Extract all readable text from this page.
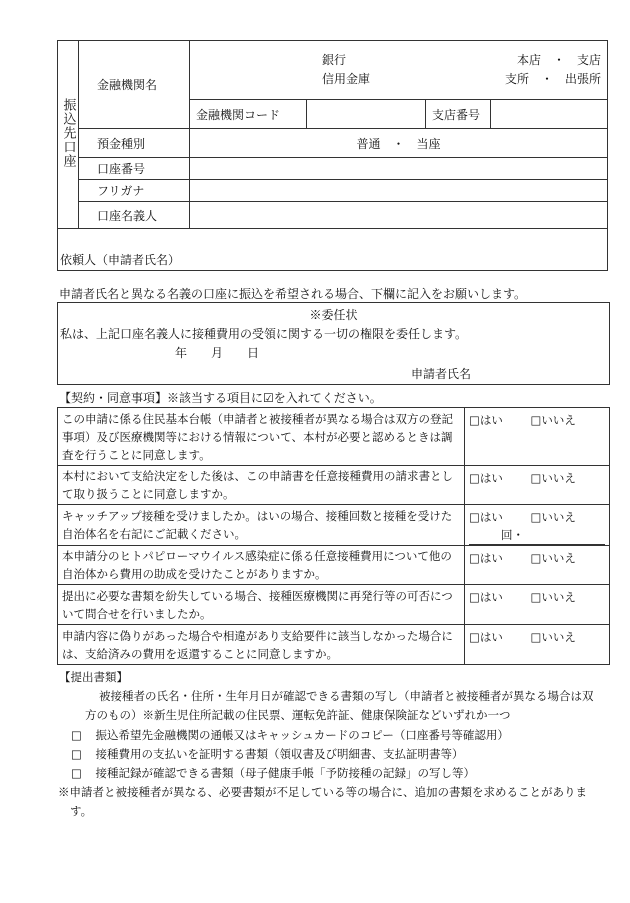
振込先口座	金融機関名	銀行
信用金庫
本店　・　支店
支所　・　出張所			

		金融機関コード		支店番号	
	預金種別	普通　・　当座			
	口座番号				
	フリガナ				
	口座名義人				
依頼人（申請者氏名）					
申請者氏名と異なる名義の口座に振込を希望される場合、下欄に記入をお願いします。
※委任状
私は、上記口座名義人に接種費用の受領に関する一切の権限を委任します。
年　　月　　日
申請者氏名
【契約・同意事項】※該当する項目に☑を入れてください。
この申請に係る住民基本台帳（申請者と被接種者が異なる場合は双方の登記事項）及び医療機関等における情報について、本村が必要と認めるときは調査を行うことに同意します。	□はい □いいえ
本村において支給決定をした後は、この申請書を任意接種費用の請求書として取り扱うことに同意しますか。	□はい □いいえ
キャッチアップ接種を受けましたか。はいの場合、接種回数と接種を受けた自治体名を右記にご記載ください。	□はい □いいえ
回・

本申請分のヒトパピローマウイルス感染症に係る任意接種費用について他の自治体から費用の助成を受けたことがありますか。	□はい □いいえ
提出に必要な書類を紛失している場合、接種医療機関に再発行等の可否について問合せを行いましたか。	□はい □いいえ
申請内容に偽りがあった場合や相違があり支給要件に該当しなかった場合には、支給済みの費用を返還することに同意しますか。	□はい □いいえ
【提出書類】
被接種者の氏名・住所・生年月日が確認できる書類の写し（申請者と被接種者が異なる場合は双方のもの）※新生児住所記載の住民票、運転免許証、健康保険証などいずれか一つ
□ 振込希望先金融機関の通帳又はキャッシュカードのコピー（口座番号等確認用）
□ 接種費用の支払いを証明する書類（領収書及び明細書、支払証明書等）
□ 接種記録が確認できる書類（母子健康手帳「予防接種の記録」の写し等）
※申請者と被接種者が異なる、必要書類が不足している等の場合に、追加の書類を求めることがあります。
